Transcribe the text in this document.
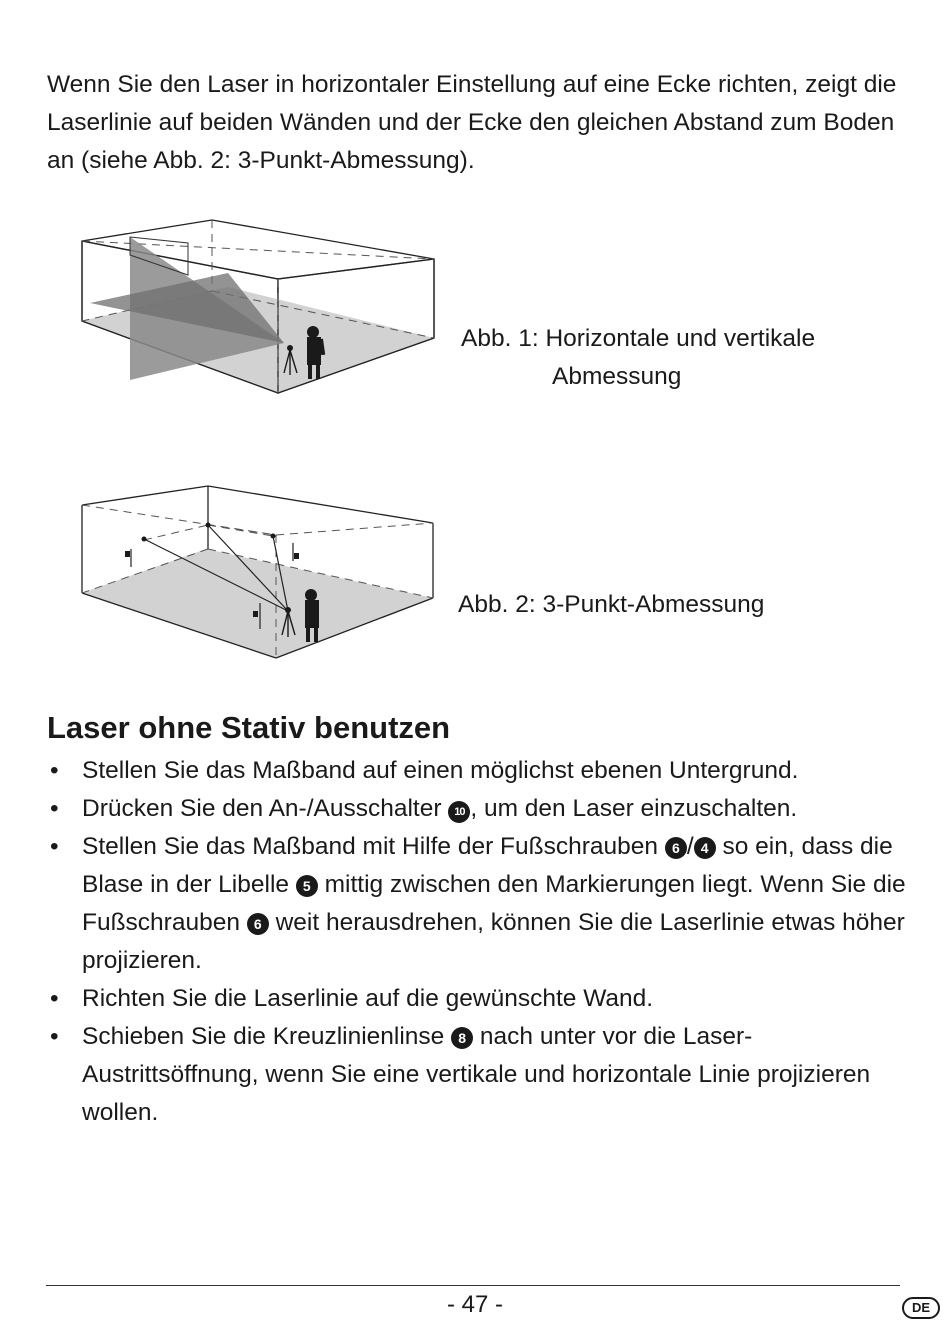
Wenn Sie den Laser in horizontaler Einstellung auf eine Ecke richten, zeigt die Laserlinie auf beiden Wänden und der Ecke den gleichen Abstand zum Boden an (siehe Abb. 2: 3-Punkt-Abmessung).

Abb. 1: Horizontale und vertikale
Abmessung
Abb. 2: 3-Punkt-Abmessung
Laser ohne Stativ benutzen
• Stellen Sie das Maßband auf einen möglichst ebenen Untergrund.
• Drücken Sie den An-/Ausschalter 10 , um den Laser einzuschalten.
• Stellen Sie das Maßband mit Hilfe der Fußschrauben 6 / 4 so ein, dass die Blase in der Libelle 5 mittig zwischen den Markierungen liegt. Wenn Sie die Fußschrauben 6 weit herausdrehen, können Sie die Laserlinie etwas höher projizieren.
• Richten Sie die Laserlinie auf die gewünschte Wand.
• Schieben Sie die Kreuzlinienlinse 8 nach unter vor die Laser-Austrittsöffnung, wenn Sie eine vertikale und horizontale Linie projizieren wollen.
- 47 -	DE
